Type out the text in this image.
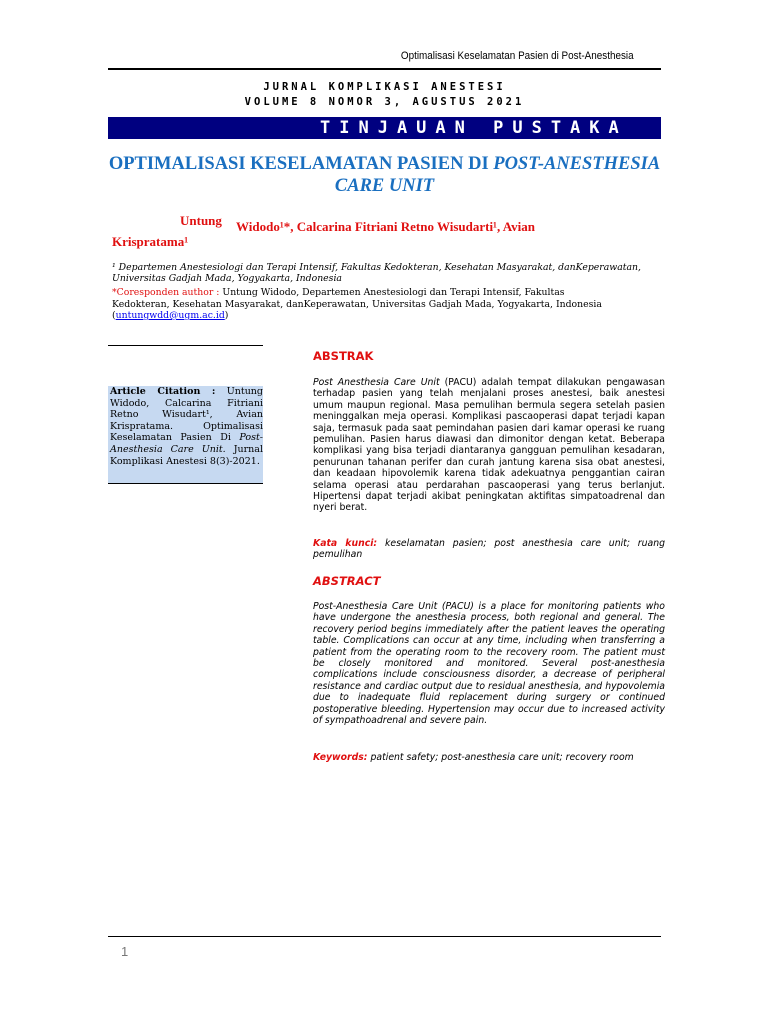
Optimalisasi Keselamatan Pasien di Post-Anesthesia
JURNAL KOMPLIKASI ANESTESI
VOLUME 8 NOMOR 3, AGUSTUS 2021
TINJAUAN PUSTAKA
OPTIMALISASI KESELAMATAN PASIEN DI POST-ANESTHESIA CARE UNIT
Untung Widodo¹*, Calcarina Fitriani Retno Wisudarti¹, Avian
Krispratama¹
¹ Departemen Anestesiologi dan Terapi Intensif, Fakultas Kedokteran, Kesehatan Masyarakat, danKeperawatan, Universitas Gadjah Mada, Yogyakarta, Indonesia
*Coresponden author : Untung Widodo, Departemen Anestesiologi dan Terapi Intensif, Fakultas Kedokteran, Kesehatan Masyarakat, danKeperawatan, Universitas Gadjah Mada, Yogyakarta, Indonesia (untungwdd@ugm.ac.id)
Article Citation : Untung Widodo, Calcarina Fitriani Retno Wisudart¹, Avian Krispratama. Optimalisasi Keselamatan Pasien Di Post-Anesthesia Care Unit. Jurnal Komplikasi Anestesi 8(3)-2021.
ABSTRAK
Post Anesthesia Care Unit (PACU) adalah tempat dilakukan pengawasan terhadap pasien yang telah menjalani proses anestesi, baik anestesi umum maupun regional. Masa pemulihan bermula segera setelah pasien meninggalkan meja operasi. Komplikasi pascaoperasi dapat terjadi kapan saja, termasuk pada saat pemindahan pasien dari kamar operasi ke ruang pemulihan. Pasien harus diawasi dan dimonitor dengan ketat. Beberapa komplikasi yang bisa terjadi diantaranya gangguan pemulihan kesadaran, penurunan tahanan perifer dan curah jantung karena sisa obat anestesi, dan keadaan hipovolemik karena tidak adekuatnya penggantian cairan selama operasi atau perdarahan pascaoperasi yang terus berlanjut. Hipertensi dapat terjadi akibat peningkatan aktifitas simpatoadrenal dan nyeri berat.
Kata kunci: keselamatan pasien; post anesthesia care unit; ruang pemulihan
ABSTRACT
Post-Anesthesia Care Unit (PACU) is a place for monitoring patients who have undergone the anesthesia process, both regional and general. The recovery period begins immediately after the patient leaves the operating table. Complications can occur at any time, including when transferring a patient from the operating room to the recovery room. The patient must be closely monitored and monitored. Several post-anesthesia complications include consciousness disorder, a decrease of peripheral resistance and cardiac output due to residual anesthesia, and hypovolemia due to inadequate fluid replacement during surgery or continued postoperative bleeding. Hypertension may occur due to increased activity of sympathoadrenal and severe pain.
Keywords: patient safety; post-anesthesia care unit; recovery room
1
